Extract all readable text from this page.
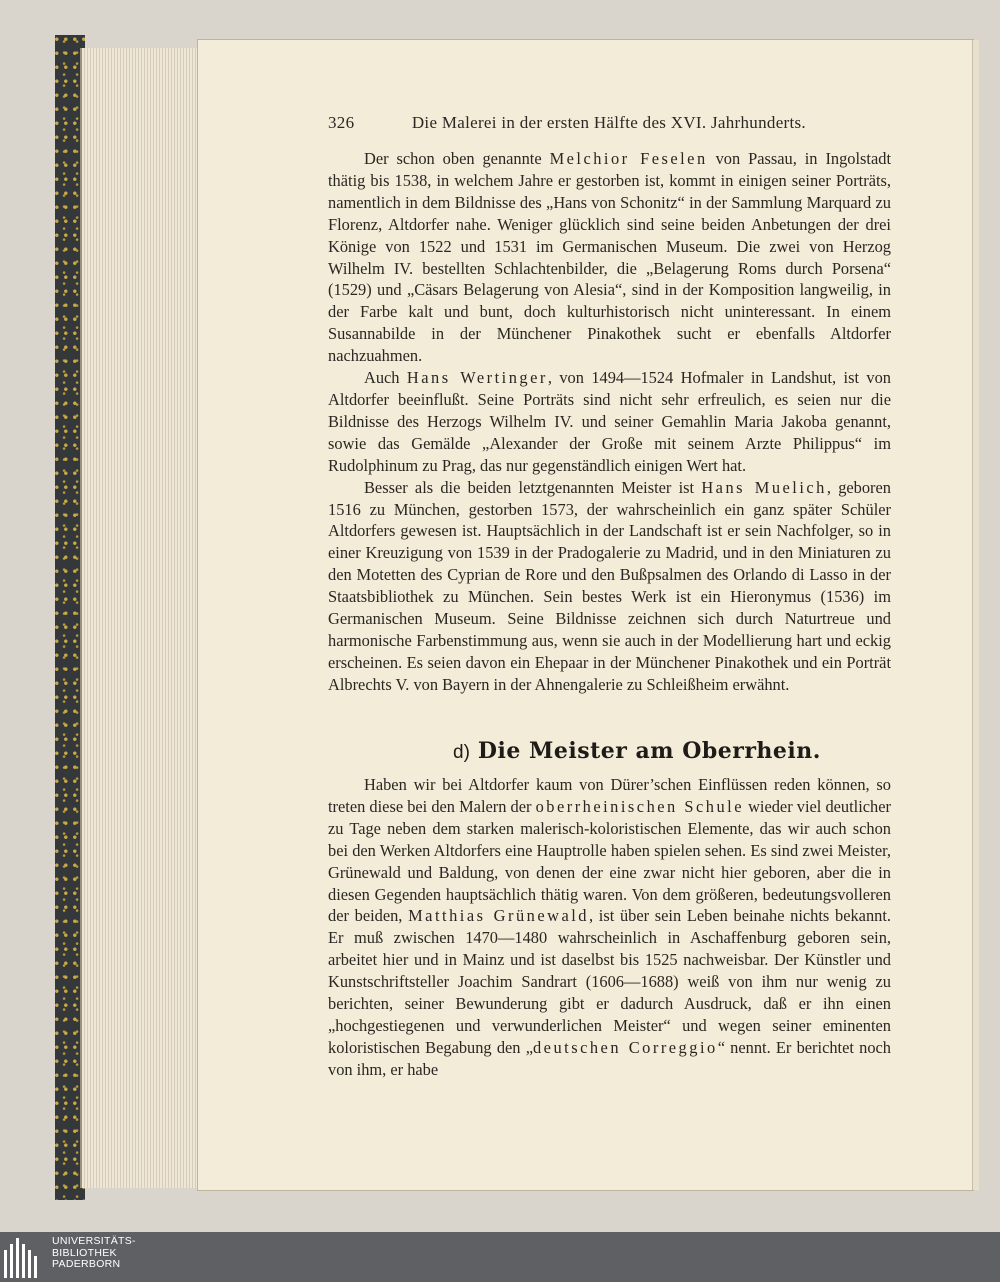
326	Die Malerei in der ersten Hälfte des XVI. Jahrhunderts.

Der schon oben genannte Melchior Feselen von Passau, in Ingolstadt thätig bis 1538, in welchem Jahre er gestorben ist, kommt in einigen seiner Porträts, namentlich in dem Bildnisse des „Hans von Schonitz“ in der Sammlung Marquard zu Florenz, Altdorfer nahe. Weniger glücklich sind seine beiden Anbetungen der drei Könige von 1522 und 1531 im Germanischen Museum. Die zwei von Herzog Wilhelm IV. bestellten Schlachtenbilder, die „Belagerung Roms durch Porsena“ (1529) und „Cäsars Belagerung von Alesia“, sind in der Komposition langweilig, in der Farbe kalt und bunt, doch kulturhistorisch nicht uninteressant. In einem Susannabilde in der Münchener Pinakothek sucht er ebenfalls Altdorfer nachzuahmen.

Auch Hans Wertinger, von 1494—1524 Hofmaler in Landshut, ist von Altdorfer beeinflußt. Seine Porträts sind nicht sehr erfreulich, es seien nur die Bildnisse des Herzogs Wilhelm IV. und seiner Gemahlin Maria Jakoba genannt, sowie das Gemälde „Alexander der Große mit seinem Arzte Philippus“ im Rudolphinum zu Prag, das nur gegenständlich einigen Wert hat.

Besser als die beiden letztgenannten Meister ist Hans Muelich, geboren 1516 zu München, gestorben 1573, der wahrscheinlich ein ganz später Schüler Altdorfers gewesen ist. Hauptsächlich in der Landschaft ist er sein Nachfolger, so in einer Kreuzigung von 1539 in der Pradogalerie zu Madrid, und in den Miniaturen zu den Motetten des Cyprian de Rore und den Bußpsalmen des Orlando di Lasso in der Staatsbibliothek zu München. Sein bestes Werk ist ein Hieronymus (1536) im Germanischen Museum. Seine Bildnisse zeichnen sich durch Naturtreue und harmonische Farbenstimmung aus, wenn sie auch in der Modellierung hart und eckig erscheinen. Es seien davon ein Ehepaar in der Münchener Pinakothek und ein Porträt Albrechts V. von Bayern in der Ahnengalerie zu Schleißheim erwähnt.

d) Die Meister am Oberrhein.

Haben wir bei Altdorfer kaum von Dürer’schen Einflüssen reden können, so treten diese bei den Malern der oberrheinischen Schule wieder viel deutlicher zu Tage neben dem starken malerisch-koloristischen Elemente, das wir auch schon bei den Werken Altdorfers eine Hauptrolle haben spielen sehen. Es sind zwei Meister, Grünewald und Baldung, von denen der eine zwar nicht hier geboren, aber die in diesen Gegenden hauptsächlich thätig waren. Von dem größeren, bedeutungsvolleren der beiden, Matthias Grünewald, ist über sein Leben beinahe nichts bekannt. Er muß zwischen 1470—1480 wahrscheinlich in Aschaffenburg geboren sein, arbeitet hier und in Mainz und ist daselbst bis 1525 nachweisbar. Der Künstler und Kunstschriftsteller Joachim Sandrart (1606—1688) weiß von ihm nur wenig zu berichten, seiner Bewunderung gibt er dadurch Ausdruck, daß er ihn einen „hochgestiegenen und verwunderlichen Meister“ und wegen seiner eminenten koloristischen Begabung den „deutschen Correggio“ nennt. Er berichtet noch von ihm, er habe

UNIVERSITÄTS-
BIBLIOTHEK
PADERBORN
